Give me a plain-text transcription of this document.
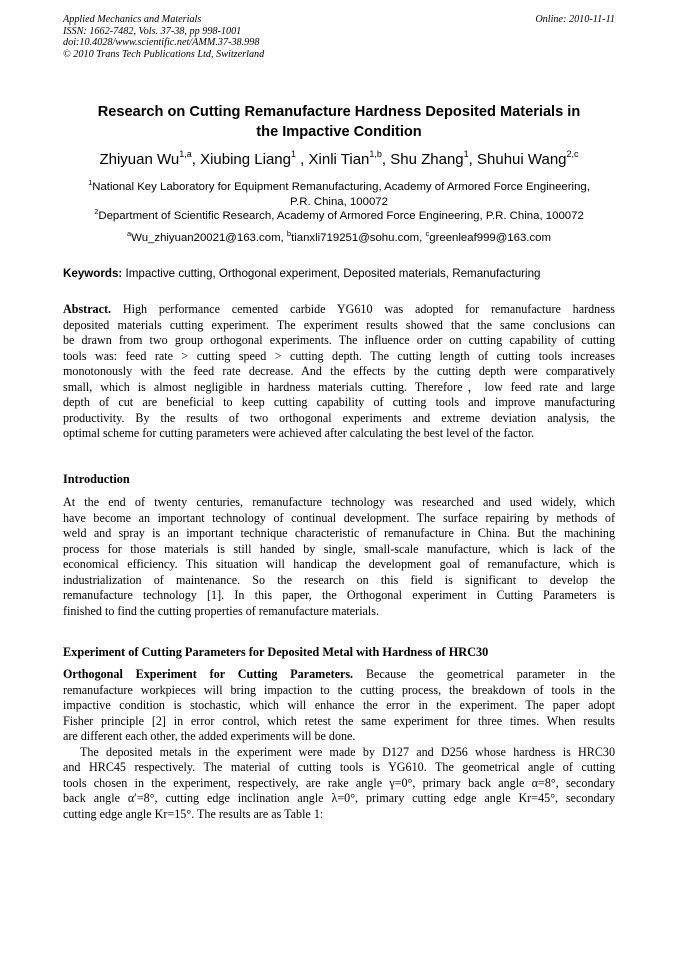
Applied Mechanics and Materials
ISSN: 1662-7482, Vols. 37-38, pp 998-1001
doi:10.4028/www.scientific.net/AMM.37-38.998
© 2010 Trans Tech Publications Ltd, Switzerland
Online: 2010-11-11
Research on Cutting Remanufacture Hardness Deposited Materials in
the Impactive Condition
Zhiyuan Wu$^{1,a}$, Xiubing Liang$^1$ , Xinli Tian$^{1,b}$, Shu Zhang$^1$, Shuhui Wang$^{2,c}$
$^1$National Key Laboratory for Equipment Remanufacturing, Academy of Armored Force Engineering,
P.R. China, 100072
$^2$Department of Scientific Research, Academy of Armored Force Engineering, P.R. China, 100072
$^a$Wu_zhiyuan20021@163.com, $^b$tianxli719251@sohu.com, $^c$greenleaf999@163.com
Keywords: Impactive cutting, Orthogonal experiment, Deposited materials, Remanufacturing
Abstract. High performance cemented carbide YG610 was adopted for remanufacture hardness
deposited materials cutting experiment. The experiment results showed that the same conclusions can
be drawn from two group orthogonal experiments. The influence order on cutting capability of cutting
tools was: feed rate > cutting speed > cutting depth. The cutting length of cutting tools increases
monotonously with the feed rate decrease. And the effects by the cutting depth were comparatively
small, which is almost negligible in hardness materials cutting. Therefore，low feed rate and large
depth of cut are beneficial to keep cutting capability of cutting tools and improve manufacturing
productivity. By the results of two orthogonal experiments and extreme deviation analysis, the
optimal scheme for cutting parameters were achieved after calculating the best level of the factor.
Introduction
At the end of twenty centuries, remanufacture technology was researched and used widely, which
have become an important technology of continual development. The surface repairing by methods of
weld and spray is an important technique characteristic of remanufacture in China. But the machining
process for those materials is still handed by single, small-scale manufacture, which is lack of the
economical efficiency. This situation will handicap the development goal of remanufacture, which is
industrialization of maintenance. So the research on this field is significant to develop the
remanufacture technology [1]. In this paper, the Orthogonal experiment in Cutting Parameters is
finished to find the cutting properties of remanufacture materials.
Experiment of Cutting Parameters for Deposited Metal with Hardness of HRC30
Orthogonal Experiment for Cutting Parameters. Because the geometrical parameter in the
remanufacture workpieces will bring impaction to the cutting process, the breakdown of tools in the
impactive condition is stochastic, which will enhance the error in the experiment. The paper adopt
Fisher principle [2] in error control, which retest the same experiment for three times. When results
are different each other, the added experiments will be done.
The deposited metals in the experiment were made by D127 and D256 whose hardness is HRC30
and HRC45 respectively. The material of cutting tools is YG610. The geometrical angle of cutting
tools chosen in the experiment, respectively, are rake angle γ=0°, primary back angle α=8°, secondary
back angle α′=8°, cutting edge inclination angle λ=0°, primary cutting edge angle Kr=45°, secondary
cutting edge angle Kr=15°. The results are as Table 1:
